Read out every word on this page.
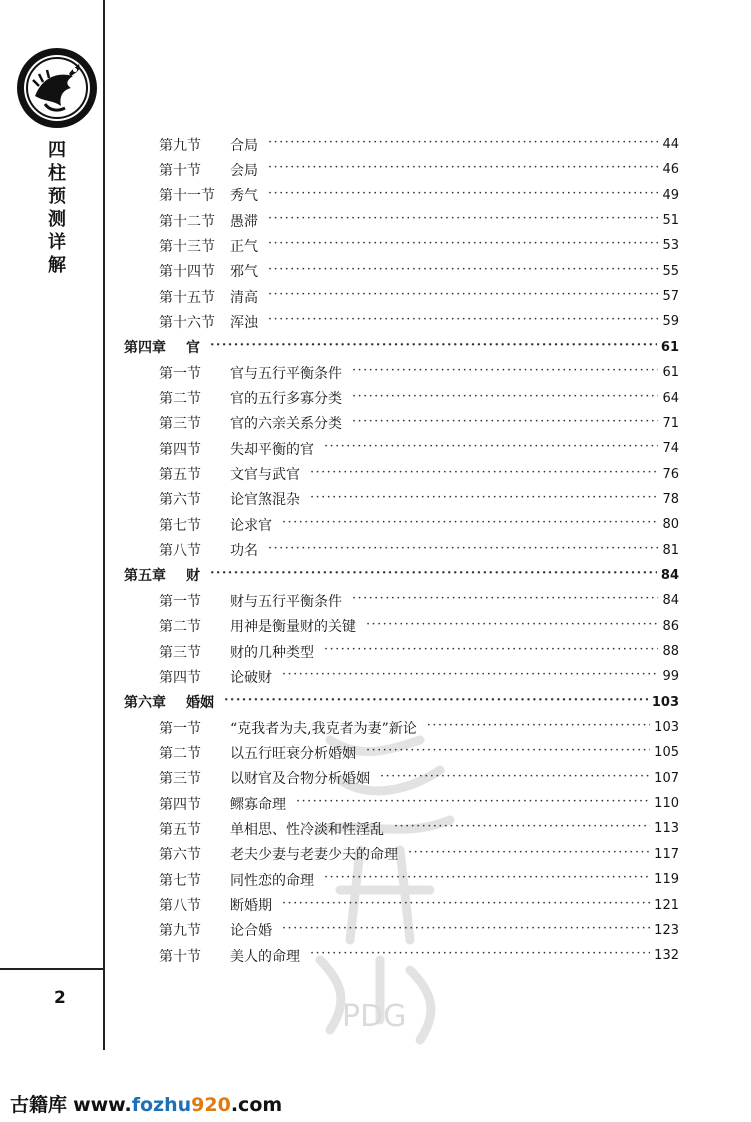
四柱预测详解
2
PDG
第九节	合局 ·····	44
第十节	会局 ·····	46
第十一节	秀气 ·····	49
第十二节	愚滞 ·····	51
第十三节	正气 ·····	53
第十四节	邪气 ·····	55
第十五节	清高 ·····	57
第十六节	浑浊 ·····	59
第四章	官 ·····	61
第一节	官与五行平衡条件 ·····	61
第二节	官的五行多寡分类 ·····	64
第三节	官的六亲关系分类 ·····	71
第四节	失却平衡的官 ·····	74
第五节	文官与武官 ·····	76
第六节	论官煞混杂 ·····	78
第七节	论求官 ·····	80
第八节	功名 ·····	81
第五章	财 ·····	84
第一节	财与五行平衡条件 ·····	84
第二节	用神是衡量财的关键 ·····	86
第三节	财的几种类型 ·····	88
第四节	论破财 ·····	99
第六章	婚姻 ·····	103
第一节	“克我者为夫,我克者为妻”新论 ·····	103
第二节	以五行旺衰分析婚姻 ·····	105
第三节	以财官及合物分析婚姻 ·····	107
第四节	鳏寡命理 ·····	110
第五节	单相思、性冷淡和性淫乱 ·····	113
第六节	老夫少妻与老妻少夫的命理 ·····	117
第七节	同性恋的命理 ·····	119
第八节	断婚期 ·····	121
第九节	论合婚 ·····	123
第十节	美人的命理 ·····	132
古籍库 www.fozhu920.com
